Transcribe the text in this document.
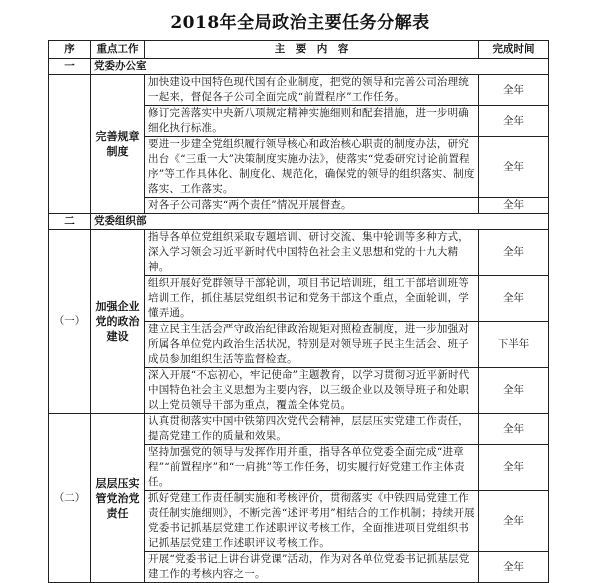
2018年全局政治主要任务分解表
序	重点工作	主　要　内　容	完成时间
一	党委办公室		
	完善规章制度	加快建设中国特色现代国有企业制度，把党的领导和完善公司治理统一起来，督促各子公司全面完成“前置程序”工作任务。	全年
		修订完善落实中央新八项规定精神实施细则和配套措施，进一步明确细化执行标准。	全年
		要进一步建全党组织履行领导核心和政治核心职责的制度办法，研究出台《“三重一大”决策制度实施办法》，使落实“党委研究讨论前置程序”等工作具体化、制度化、规范化，确保党的领导的组织落实、制度落实、工作落实。	全年
		对各子公司落实“两个责任”情况开展督查。	全年
二	党委组织部		
（一）	加强企业党的政治建设	指导各单位党组织采取专题培训、研讨交流、集中轮训等多种方式，深入学习领会习近平新时代中国特色社会主义思想和党的十九大精神。	全年
		组织开展好党群领导干部轮训，项目书记培训班，组工干部培训班等培训工作，抓住基层党组织书记和党务干部这个重点，全面轮训，学懂弄通。	全年
		建立民主生活会严守政治纪律政治规矩对照检查制度，进一步加强对所属各单位党内政治生活状况，特别是对领导班子民主生活会、班子成员参加组织生活等监督检查。	下半年
		深入开展“不忘初心，牢记使命”主题教育，以学习贯彻习近平新时代中国特色社会主义思想为主要内容，以三级企业以及领导班子和处职以上党员领导干部为重点，覆盖全体党员。	全年
（二）	层层压实管党治党责任	认真贯彻落实中国中铁第四次党代会精神，层层压实党建工作责任，提高党建工作的质量和效果。	全年
		坚持加强党的领导与发挥作用并重，指导各单位党委全面完成“进章程”“前置程序”和“一肩挑”等工作任务，切实履行好党建工作主体责任。	全年
		抓好党建工作责任制实施和考核评价，贯彻落实《中铁四局党建工作责任制实施细则》，不断完善“述评考用”相结合的工作机制；持续开展党委书记抓基层党建工作述职评议考核工作，全面推进项目党组织书记抓基层党建工作述职评议考核工作。	全年
		开展“党委书记上讲台讲党课”活动，作为对各单位党委书记抓基层党建工作的考核内容之一。	全年
